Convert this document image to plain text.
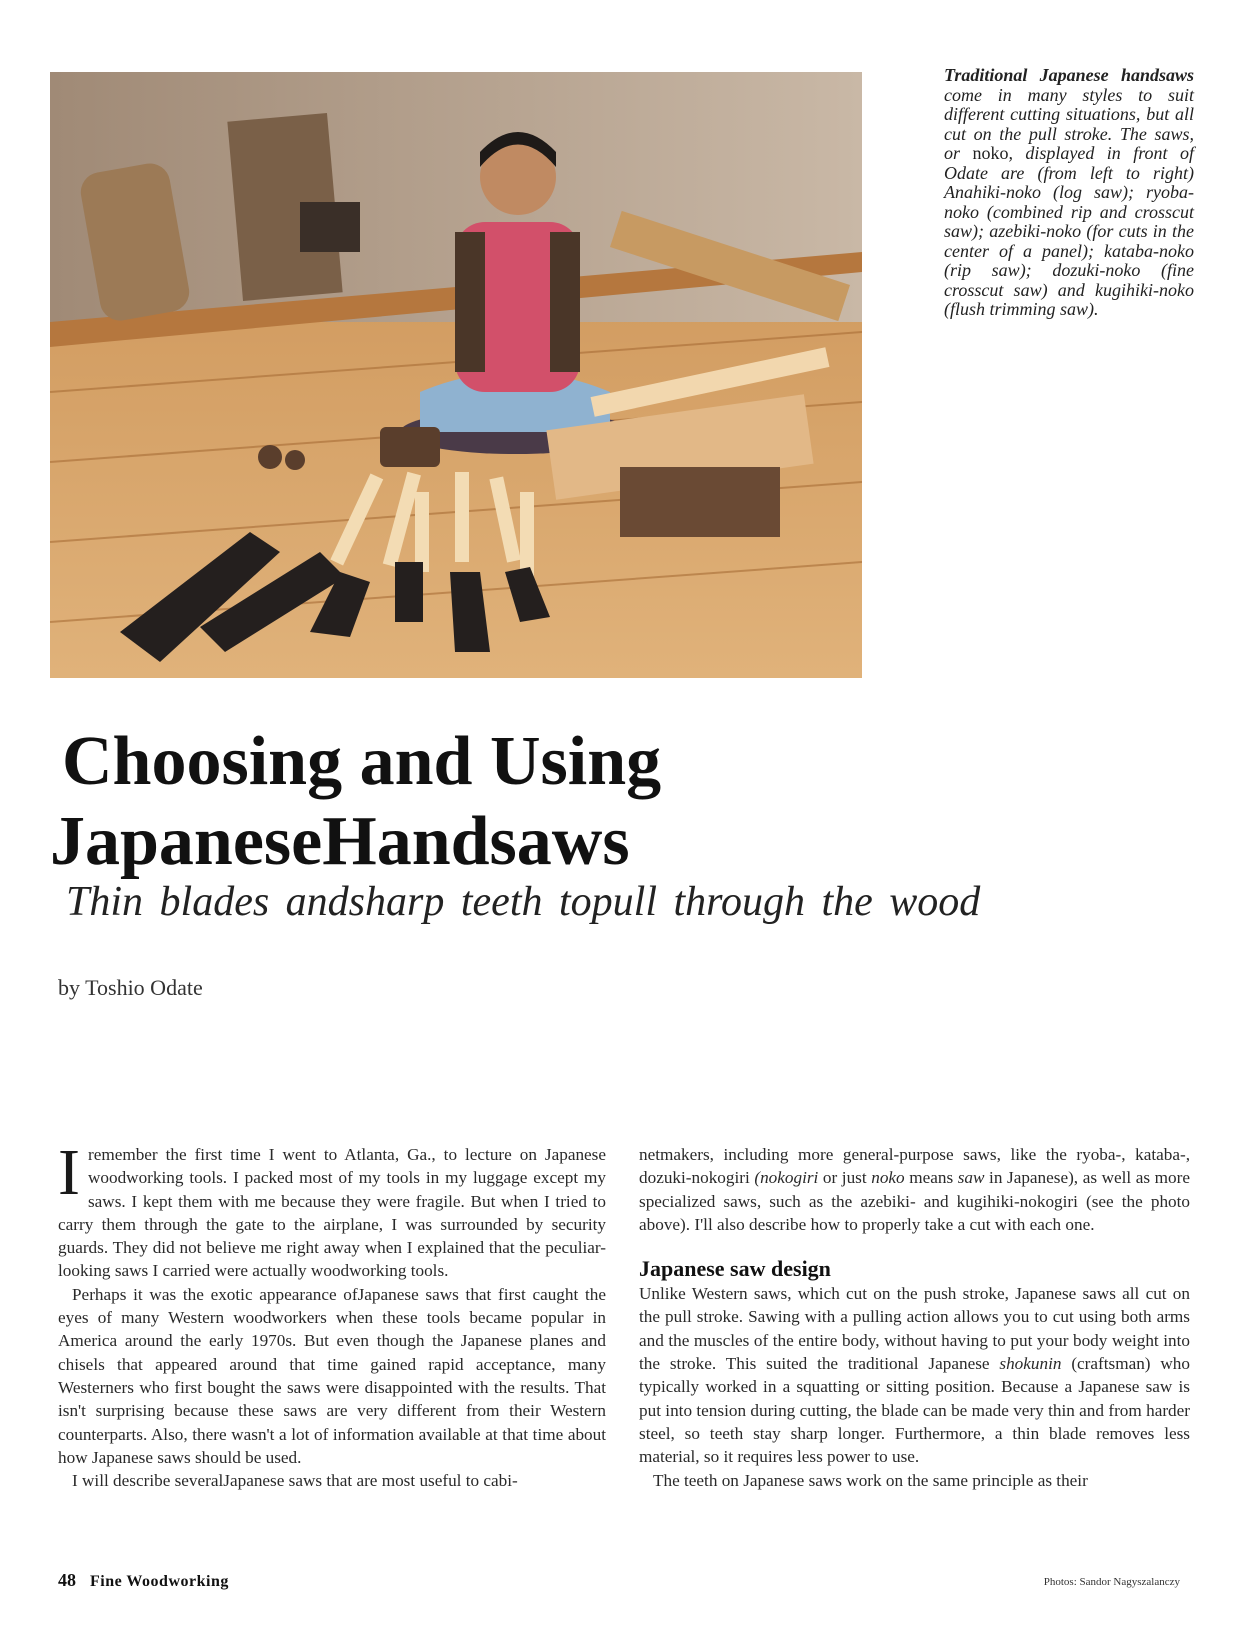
Traditional Japanese handsaws come in many styles to suit different cutting situations, but all cut on the pull stroke. The saws, or noko, displayed in front of Odate are (from left to right) Anahiki-noko (log saw); ryoba-noko (combined rip and crosscut saw); azebiki-noko (for cuts in the center of a panel); kataba-noko (rip saw); dozuki-noko (fine crosscut saw) and kugihiki-noko (flush trimming saw).
Choosing and Using
JapaneseHandsaws
Thin blades andsharp teeth topull through the wood
by Toshio Odate

Iremember the first time I went to Atlanta, Ga., to lecture on Japanese woodworking tools. I packed most of my tools in my luggage except my saws. I kept them with me because they were fragile. But when I tried to carry them through the gate to the airplane, I was surrounded by security guards. They did not believe me right away when I explained that the peculiar-looking saws I carried were actually woodworking tools.

Perhaps it was the exotic appearance ofJapanese saws that first caught the eyes of many Western woodworkers when these tools became popular in America around the early 1970s. But even though the Japanese planes and chisels that appeared around that time gained rapid acceptance, many Westerners who first bought the saws were disappointed with the results. That isn't surprising because these saws are very different from their Western counterparts. Also, there wasn't a lot of information available at that time about how Japanese saws should be used.

I will describe severalJapanese saws that are most useful to cabi-

netmakers, including more general-purpose saws, like the ryoba-, kataba-, dozuki-nokogiri (nokogiri or just noko means saw in Japanese), as well as more specialized saws, such as the azebiki- and kugihiki-nokogiri (see the photo above). I'll also describe how to properly take a cut with each one.

Japanese saw design

Unlike Western saws, which cut on the push stroke, Japanese saws all cut on the pull stroke. Sawing with a pulling action allows you to cut using both arms and the muscles of the entire body, without having to put your body weight into the stroke. This suited the traditional Japanese shokunin (craftsman) who typically worked in a squatting or sitting position. Because a Japanese saw is put into tension during cutting, the blade can be made very thin and from harder steel, so teeth stay sharp longer. Furthermore, a thin blade removes less material, so it requires less power to use.

The teeth on Japanese saws work on the same principle as their

48 Fine Woodworking	Photos: Sandor Nagyszalanczy
